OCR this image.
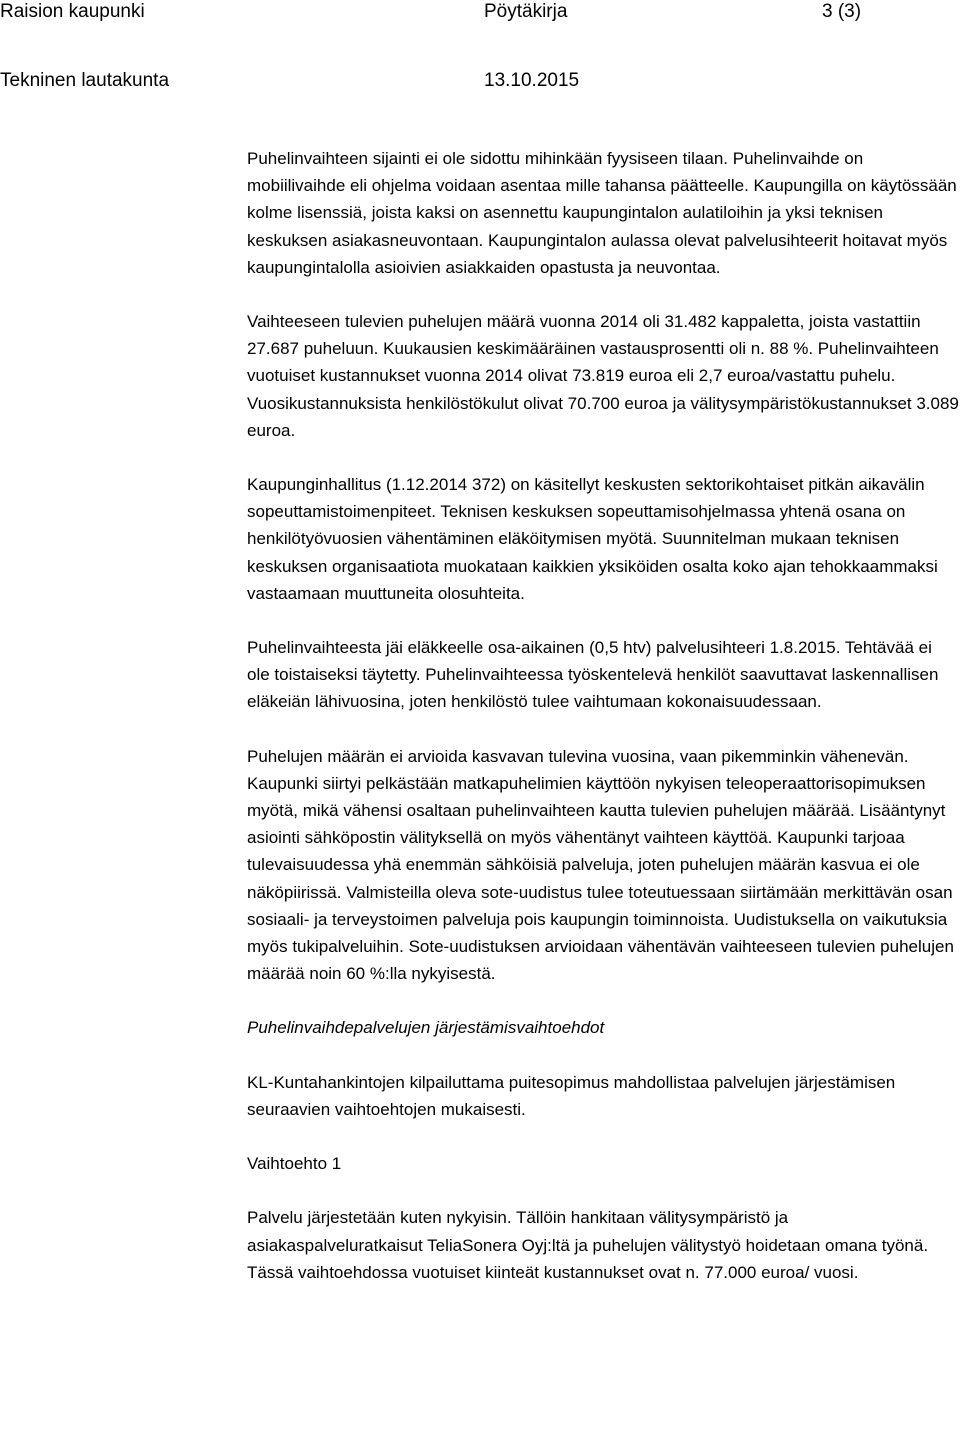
Raision kaupunki	Pöytäkirja	3 (3)
Tekninen lautakunta	13.10.2015

Puhelinvaihteen sijainti ei ole sidottu mihinkään fyysiseen tilaan. Puhelinvaihde on mobiilivaihde eli ohjelma voidaan asentaa mille tahansa päätteelle. Kaupungilla on käytössään kolme lisenssiä, joista kaksi on asennettu kaupungintalon aulatiloihin ja yksi teknisen keskuksen asiakasneuvontaan. Kaupungintalon aulassa olevat palvelusihteerit hoitavat myös kaupungintalolla asioivien asiakkaiden opastusta ja neuvontaa.

Vaihteeseen tulevien puhelujen määrä vuonna 2014 oli 31.482 kappaletta, joista vastattiin 27.687 puheluun. Kuukausien keskimääräinen vastausprosentti oli n. 88 %. Puhelinvaihteen vuotuiset kustannukset vuonna 2014 olivat 73.819 euroa eli 2,7 euroa/vastattu puhelu. Vuosikustannuksista henkilöstökulut olivat 70.700 euroa ja välitysympäristökustannukset 3.089 euroa.

Kaupunginhallitus (1.12.2014 372) on käsitellyt keskusten sektorikohtaiset pitkän aikavälin sopeuttamistoimenpiteet. Teknisen keskuksen sopeuttamisohjelmassa yhtenä osana on henkilötyövuosien vähentäminen eläköitymisen myötä. Suunnitelman mukaan teknisen keskuksen organisaatiota muokataan kaikkien yksiköiden osalta koko ajan tehokkaammaksi vastaamaan muuttuneita olosuhteita.

Puhelinvaihteesta jäi eläkkeelle osa-aikainen (0,5 htv) palvelusihteeri 1.8.2015. Tehtävää ei ole toistaiseksi täytetty. Puhelinvaihteessa työskentelevä henkilöt saavuttavat laskennallisen eläkeiän lähivuosina, joten henkilöstö tulee vaihtumaan kokonaisuudessaan.

Puhelujen määrän ei arvioida kasvavan tulevina vuosina, vaan pikemminkin vähenevän. Kaupunki siirtyi pelkästään matkapuhelimien käyttöön nykyisen teleoperaattorisopimuksen myötä, mikä vähensi osaltaan puhelinvaihteen kautta tulevien puhelujen määrää. Lisääntynyt asiointi sähköpostin välityksellä on myös vähentänyt vaihteen käyttöä. Kaupunki tarjoaa tulevaisuudessa yhä enemmän sähköisiä palveluja, joten puhelujen määrän kasvua ei ole näköpiirissä. Valmisteilla oleva sote-uudistus tulee toteutuessaan siirtämään merkittävän osan sosiaali- ja terveystoimen palveluja pois kaupungin toiminnoista. Uudistuksella on vaikutuksia myös tukipalveluihin. Sote-uudistuksen arvioidaan vähentävän vaihteeseen tulevien puhelujen määrää noin 60 %:lla nykyisestä.

Puhelinvaihdepalvelujen järjestämisvaihtoehdot

KL-Kuntahankintojen kilpailuttama puitesopimus mahdollistaa palvelujen järjestämisen seuraavien vaihtoehtojen mukaisesti.

Vaihtoehto 1

Palvelu järjestetään kuten nykyisin. Tällöin hankitaan välitysympäristö ja asiakaspalveluratkaisut TeliaSonera Oyj:ltä ja puhelujen välitystyö hoidetaan omana työnä. Tässä vaihtoehdossa vuotuiset kiinteät kustannukset ovat n. 77.000 euroa/ vuosi.
